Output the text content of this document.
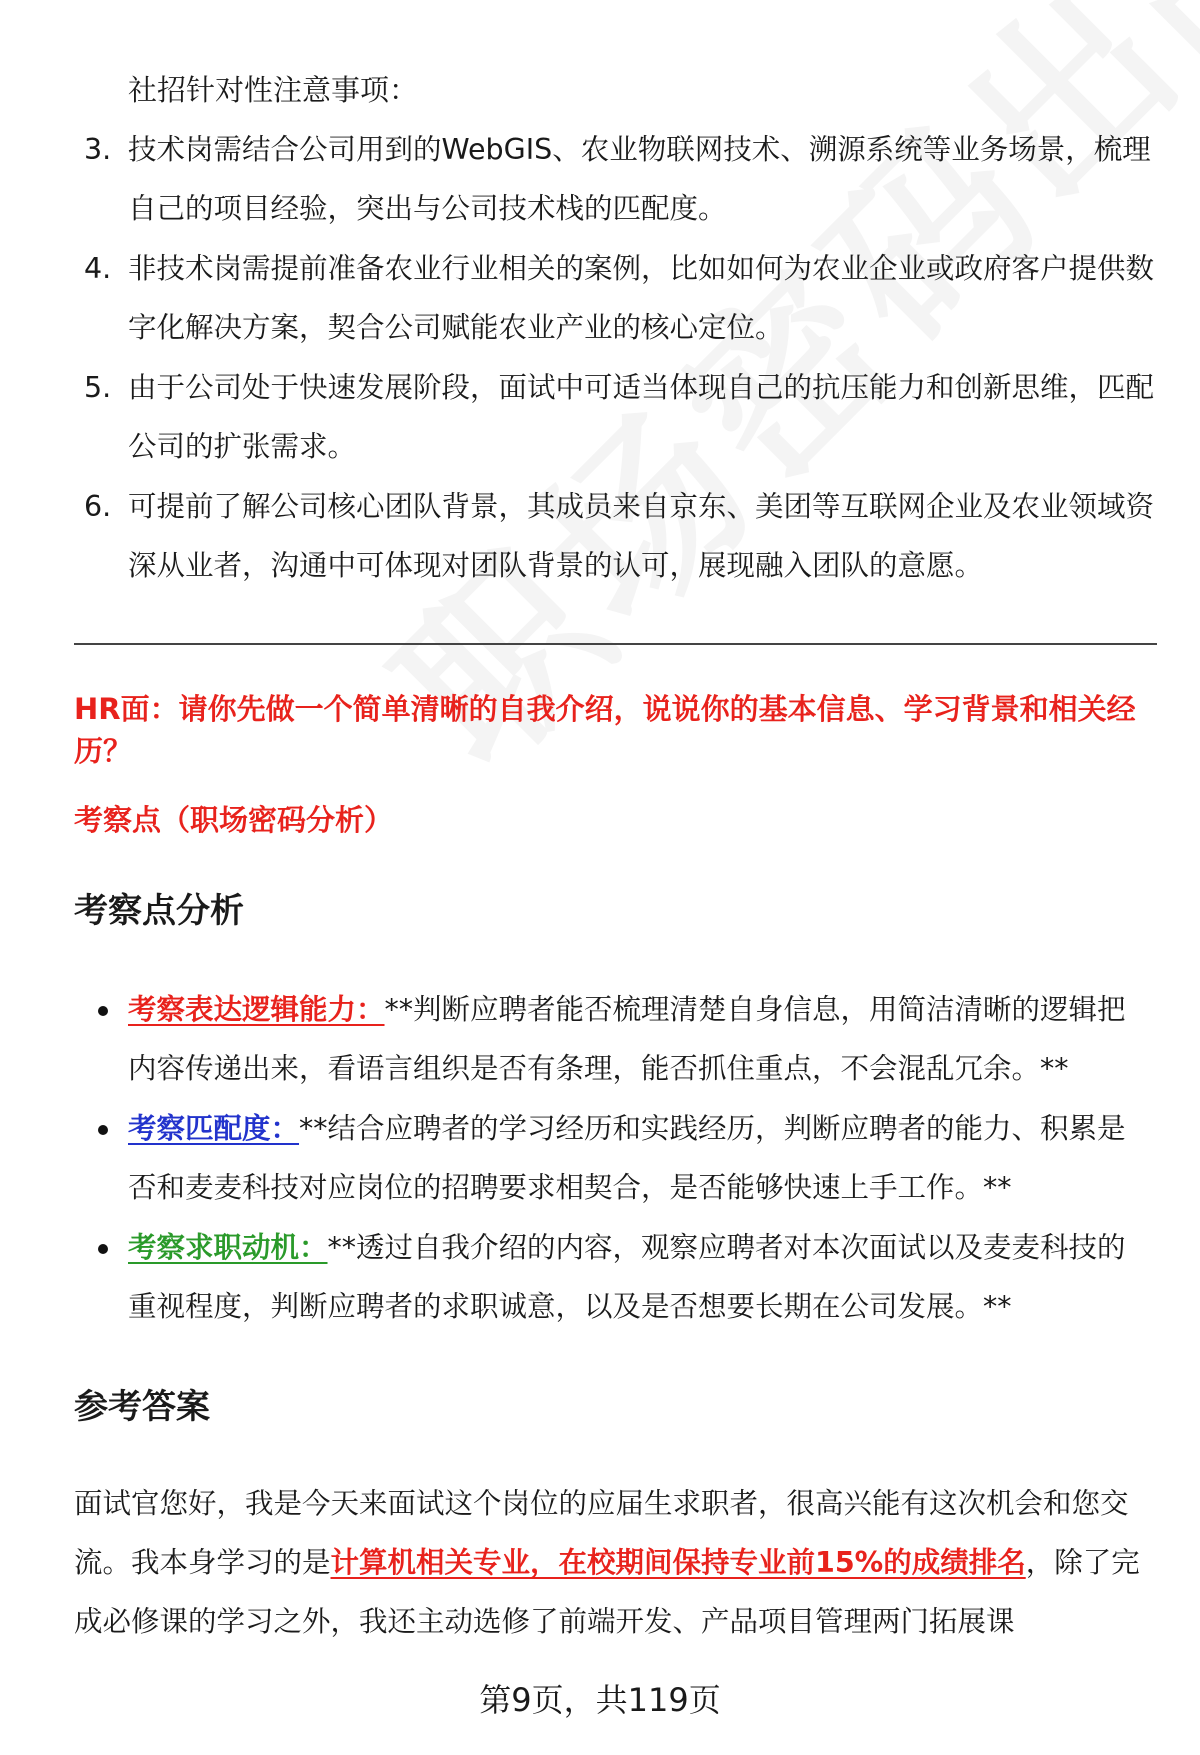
社招针对性注意事项：
3. 技术岗需结合公司用到的WebGIS、农业物联网技术、溯源系统等业务场景，梳理自己的项目经验，突出与公司技术栈的匹配度。
4. 非技术岗需提前准备农业行业相关的案例，比如如何为农业企业或政府客户提供数字化解决方案，契合公司赋能农业产业的核心定位。
5. 由于公司处于快速发展阶段，面试中可适当体现自己的抗压能力和创新思维，匹配公司的扩张需求。
6. 可提前了解公司核心团队背景，其成员来自京东、美团等互联网企业及农业领域资深从业者，沟通中可体现对团队背景的认可，展现融入团队的意愿。
HR面：请你先做一个简单清晰的自我介绍，说说你的基本信息、学习背景和相关经历？
考察点（职场密码分析）
考察点分析
考察表达逻辑能力：**判断应聘者能否梳理清楚自身信息，用简洁清晰的逻辑把内容传递出来，看语言组织是否有条理，能否抓住重点，不会混乱冗余。**
考察匹配度：**结合应聘者的学习经历和实践经历，判断应聘者的能力、积累是否和麦麦科技对应岗位的招聘要求相契合，是否能够快速上手工作。**
考察求职动机：**透过自我介绍的内容，观察应聘者对本次面试以及麦麦科技的重视程度，判断应聘者的求职诚意，以及是否想要长期在公司发展。**
参考答案

面试官您好，我是今天来面试这个岗位的应届生求职者，很高兴能有这次机会和您交流。我本身学习的是计算机相关专业，在校期间保持专业前15%的成绩排名，除了完成必修课的学习之外，我还主动选修了前端开发、产品项目管理两门拓展课

第9页，共119页
